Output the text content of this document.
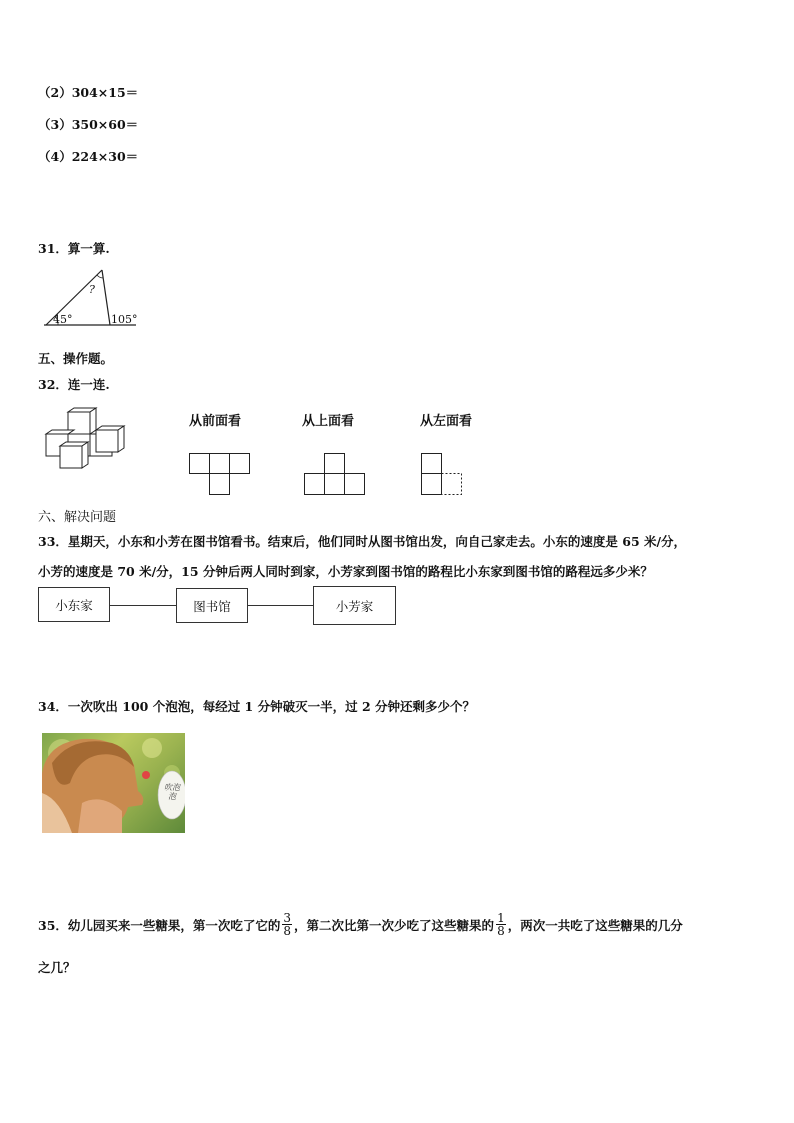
（2）304×15＝
（3）350×60＝
（4）224×30＝
31．算一算.
45°
?
105°
五、操作题。
32．连一连.
从前面看	从上面看	从左面看
六、解决问题
33．星期天，小东和小芳在图书馆看书。结束后，他们同时从图书馆出发，向自己家走去。小东的速度是 65 米/分，
小芳的速度是 70 米/分，15 分钟后两人同时到家，小芳家到图书馆的路程比小东家到图书馆的路程远多少米？
小东家	图书馆	小芳家
34．一次吹出 100 个泡泡，每经过 1 分钟破灭一半，过 2 分钟还剩多少个？
吹泡泡
35．幼儿园买来一些糖果，第一次吃了它的 $\frac{3}{8}$ ，第二次比第一次少吃了这些糖果的 $\frac{1}{8}$ ，两次一共吃了这些糖果的几分
之几？
